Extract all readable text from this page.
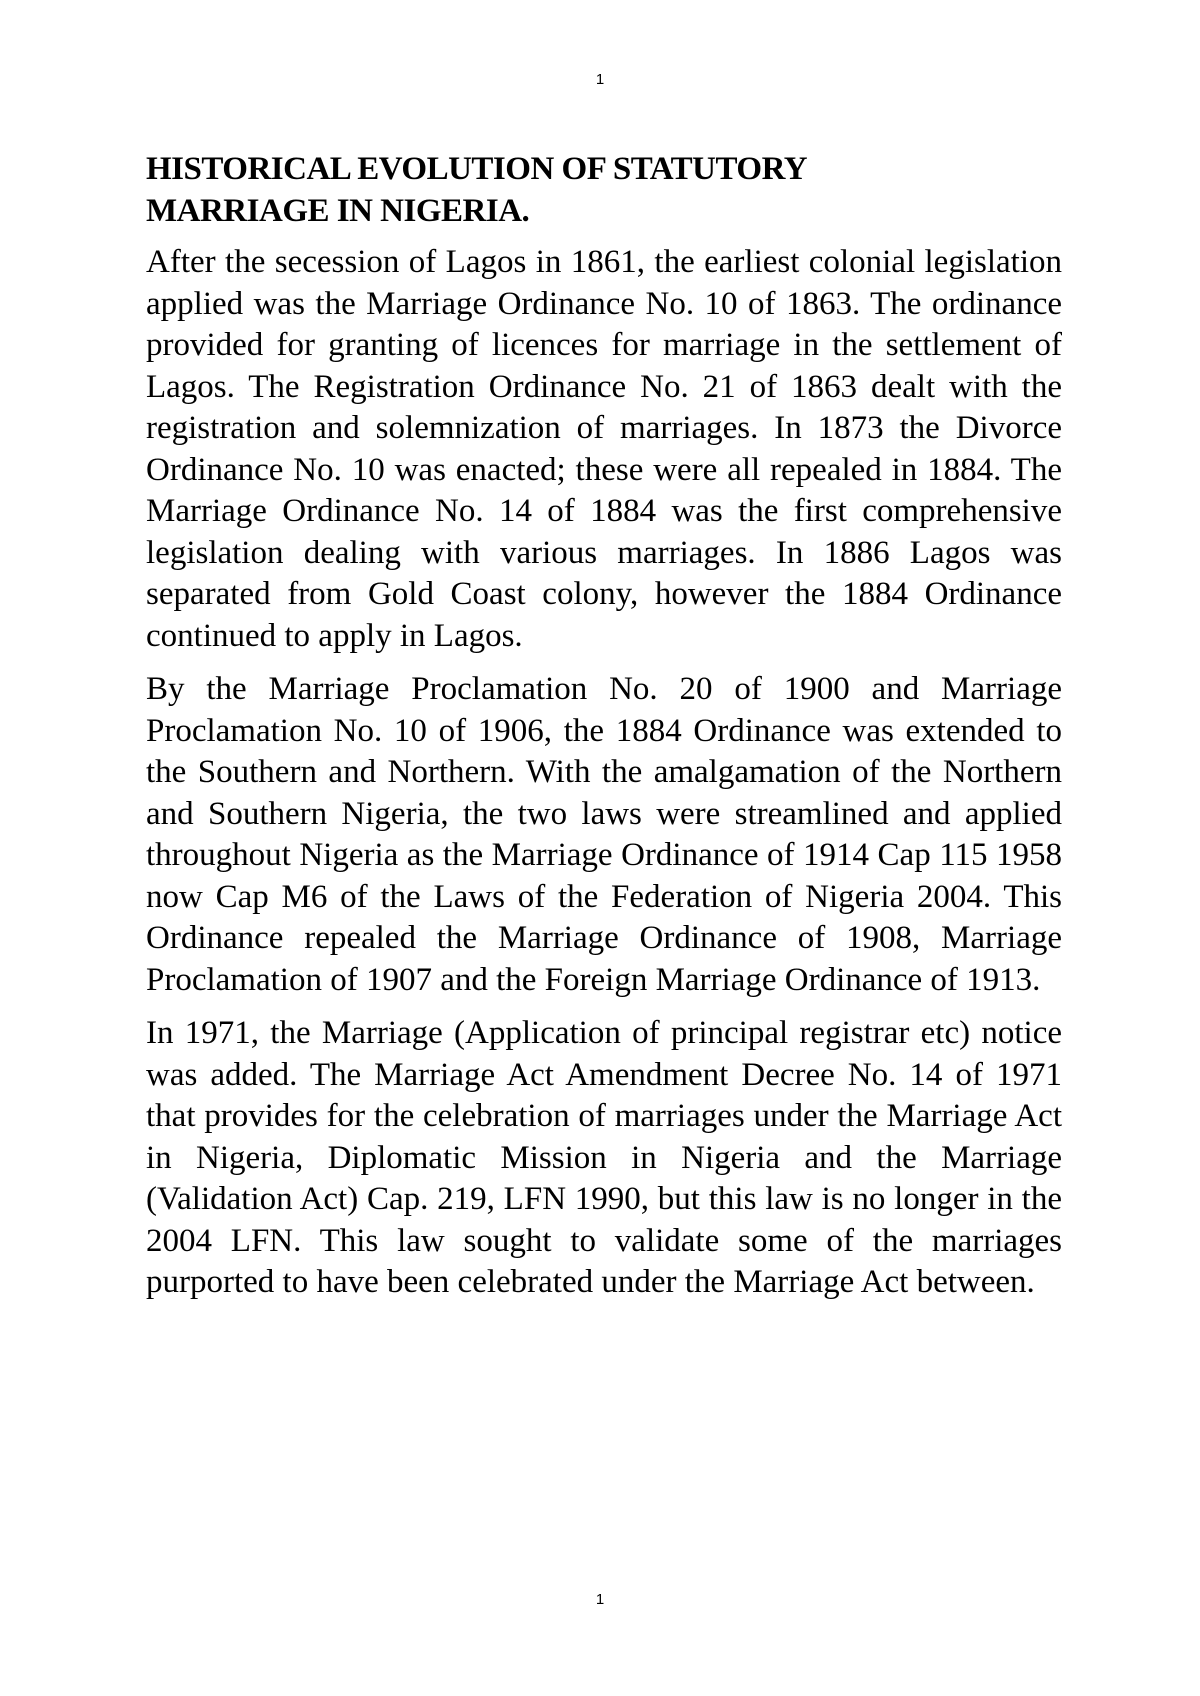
1
HISTORICAL EVOLUTION OF STATUTORY
MARRIAGE IN NIGERIA.

After the secession of Lagos in 1861, the earliest colonial legislation applied was the Marriage Ordinance No. 10 of 1863. The ordinance provided for granting of licences for marriage in the settlement of Lagos. The Registration Ordinance No. 21 of 1863 dealt with the registration and solemnization of marriages. In 1873 the Divorce Ordinance No. 10 was enacted; these were all repealed in 1884. The Marriage Ordinance No. 14 of 1884 was the first comprehensive legislation dealing with various marriages. In 1886 Lagos was separated from Gold Coast colony, however the 1884 Ordinance continued to apply in Lagos.

By the Marriage Proclamation No. 20 of 1900 and Marriage Proclamation No. 10 of 1906, the 1884 Ordinance was extended to the Southern and Northern. With the amalgamation of the Northern and Southern Nigeria, the two laws were streamlined and applied throughout Nigeria as the Marriage Ordinance of 1914 Cap 115 1958 now Cap M6 of the Laws of the Federation of Nigeria 2004. This Ordinance repealed the Marriage Ordinance of 1908, Marriage Proclamation of 1907 and the Foreign Marriage Ordinance of 1913.

In 1971, the Marriage (Application of principal registrar etc) notice was added. The Marriage Act Amendment Decree No. 14 of 1971 that provides for the celebration of marriages under the Marriage Act in Nigeria, Diplomatic Mission in Nigeria and the Marriage (Validation Act) Cap. 219, LFN 1990, but this law is no longer in the 2004 LFN. This law sought to validate some of the marriages purported to have been celebrated under the Marriage Act between.

1
